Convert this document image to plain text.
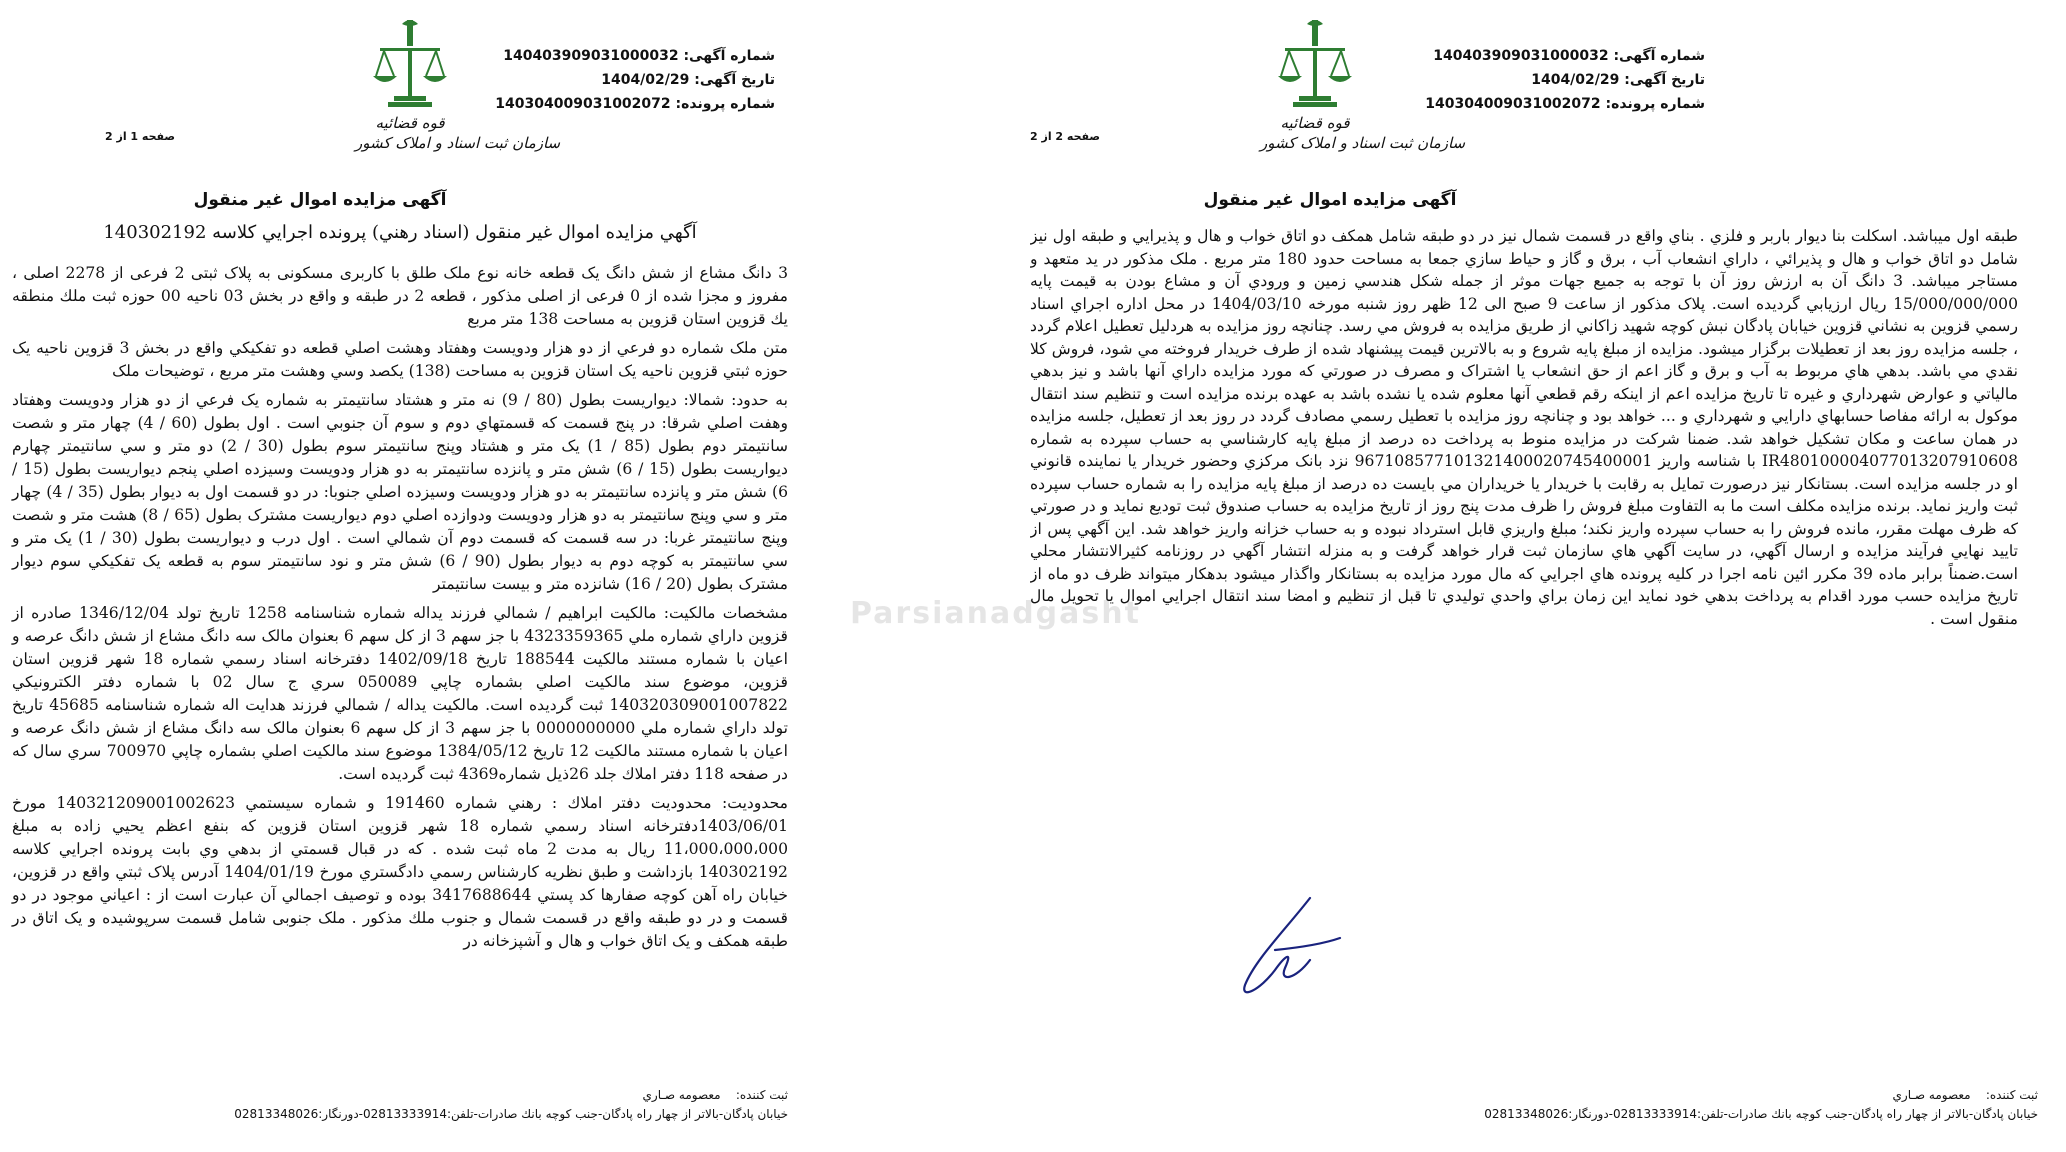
صفحه 1 از 2
قوه قضائیه
سازمان ثبت اسناد و املاک کشور
شماره آگهی: 140403909031000032
تاریخ آگهی: 1404/02/29
شماره پرونده: 140304009031002072
آگهی مزایده اموال غیر منقول
آگهي مزايده اموال غير منقول (اسناد رهني) پرونده اجرايي كلاسه 140302192

3 دانگ مشاع از شش دانگ یک قطعه خانه نوع ملک طلق با کاربری مسکونی به پلاک ثبتی 2 فرعی از 2278 اصلی ، مفروز و مجزا شده از 0 فرعی از اصلی مذکور ، قطعه 2 در طبقه و واقع در بخش 03 ناحیه 00 حوزه ثبت ملك منطقه يك قزوين استان قزوین به مساحت 138 متر مربع

متن ملک شماره دو فرعي از دو هزار ودويست وهفتاد وهشت اصلي قطعه دو تفكيكي واقع در بخش 3 قزوين ناحيه يک حوزه ثبتي قزوين ناحيه يک استان قزوين به مساحت (138) يكصد وسي وهشت متر مربع ، توضيحات ملک

به حدود: شمالا: ديواريست بطول (80 / 9) نه متر و هشتاد سانتيمتر به شماره يک فرعي از دو هزار ودويست وهفتاد وهفت اصلي شرقا: در پنج قسمت که قسمتهاي دوم و سوم آن جنوبي است . اول بطول (60 / 4) چهار متر و شصت سانتيمتر دوم بطول (85 / 1) يک متر و هشتاد وپنج سانتيمتر سوم بطول (30 / 2) دو متر و سي سانتيمتر چهارم ديواريست بطول (15 / 6) شش متر و پانزده سانتيمتر به دو هزار ودويست وسيزده اصلي پنجم ديواريست بطول (15 / 6) شش متر و پانزده سانتيمتر به دو هزار ودويست وسيزده اصلي جنوبا: در دو قسمت اول به ديوار بطول (35 / 4) چهار متر و سي وپنج سانتيمتر به دو هزار ودويست ودوازده اصلي دوم ديواريست مشترک بطول (65 / 8) هشت متر و شصت وپنج سانتيمتر غربا: در سه قسمت که قسمت دوم آن شمالي است . اول درب و ديواريست بطول (30 / 1) يک متر و سي سانتيمتر به کوچه دوم به ديوار بطول (90 / 6) شش متر و نود سانتيمتر سوم به قطعه يک تفکيکي سوم ديوار مشترک بطول (20 / 16) شانزده متر و بيست سانتيمتر

مشخصات مالکیت: مالکيت ابراهيم / شمالي فرزند يداله شماره شناسنامه 1258 تاريخ تولد 1346/12/04 صادره از قزوين داراي شماره ملي 4323359365 با جز سهم 3 از کل سهم 6 بعنوان مالک سه دانگ مشاع از شش دانگ عرصه و اعيان با شماره مستند مالکيت 188544 تاريخ 1402/09/18 دفترخانه اسناد رسمي شماره 18 شهر قزوين استان قزوين، موضوع سند مالكيت اصلي بشماره چاپي 050089 سري ج سال 02 با شماره دفتر الكترونيكي 140320309001007822 ثبت گرديده است. مالكيت يداله / شمالي فرزند هدايت اله شماره شناسنامه 45685 تاريخ تولد داراي شماره ملي 0000000000 با جز سهم 3 از کل سهم 6 بعنوان مالک سه دانگ مشاع از شش دانگ عرصه و اعيان با شماره مستند مالكيت 12 تاريخ 1384/05/12 موضوع سند مالكيت اصلي بشماره چاپي 700970 سري سال كه در صفحه 118 دفتر املاك جلد 26ذيل شماره4369 ثبت گرديده است.

محدوديت: محدوديت دفتر املاك : رهني شماره 191460 و شماره سيستمي 140321209001002623 مورخ 1403/06/01دفترخانه اسناد رسمي شماره 18 شهر قزوين استان قزوين که بنفع اعظم يحيي زاده به مبلغ 11،000،000،000 ريال به مدت 2 ماه ثبت شده . که در قبال قسمتي از بدهي وي بابت پرونده اجرايي كلاسه 140302192 بازداشت و طبق نظريه كارشناس رسمي دادگستري مورخ 1404/01/19 آدرس پلاک ثبتي واقع در قزوين، خيابان راه آهن کوچه صفارها کد پستي 3417688644 بوده و توصيف اجمالي آن عبارت است از : اعياني موجود در دو قسمت و در دو طبقه واقع در قسمت شمال و جنوب ملك مذكور . ملک جنوبی شامل قسمت سرپوشيده و يک اتاق در طبقه همكف و يک اتاق خواب و هال و آشپزخانه در

ثبت كننده:    معصومه صـاري
خيابان پادگان-بالاتر از چهار راه پادگان-جنب کوچه بانك صادرات-تلفن:02813333914-دورنگار:02813348026
صفحه 2 از 2
قوه قضائیه
سازمان ثبت اسناد و املاک کشور
شماره آگهی: 140403909031000032
تاریخ آگهی: 1404/02/29
شماره پرونده: 140304009031002072
آگهی مزایده اموال غیر منقول

طبقه اول ميباشد. اسكلت بنا ديوار باربر و فلزي . بناي واقع در قسمت شمال نيز در دو طبقه شامل همکف دو اتاق خواب و هال و پذيرايي و طبقه اول نيز شامل دو اتاق خواب و هال و پذيرائي ، داراي انشعاب آب ، برق و گاز و حياط سازي جمعا به مساحت حدود 180 متر مربع . ملک مذکور در يد متعهد و مستاجر ميباشد. 3 دانگ آن به ارزش روز آن با توجه به جميع جهات موثر از جمله شکل هندسي زمين و ورودي آن و مشاع بودن به قيمت پايه 15/000/000/000 ريال ارزيابي گرديده است. پلاک مذکور از ساعت 9 صبح الی 12 ظهر روز شنبه مورخه 1404/03/10 در محل اداره اجراي اسناد رسمي قزوين به نشاني قزوين خيابان پادگان نبش کوچه شهيد زاکاني از طريق مزايده به فروش مي رسد. چنانچه روز مزايده به هردليل تعطيل اعلام گردد ، جلسه مزايده روز بعد از تعطيلات برگزار ميشود. مزايده از مبلغ پايه شروع و به بالاترين قيمت پيشنهاد شده از طرف خريدار فروخته مي شود، فروش کلا نقدي مي باشد. بدهي هاي مربوط به آب و برق و گاز اعم از حق انشعاب يا اشتراک و مصرف در صورتي که مورد مزايده داراي آنها باشد و نيز بدهي مالياتي و عوارض شهرداري و غيره تا تاريخ مزايده اعم از اينکه رقم قطعي آنها معلوم شده يا نشده باشد به عهده برنده مزايده است و تنظيم سند انتقال موکول به ارائه مفاصا حسابهاي دارايي و شهرداري و ... خواهد بود و چنانچه روز مزايده با تعطيل رسمي مصادف گردد در روز بعد از تعطيل، جلسه مزايده در همان ساعت و مکان تشکيل خواهد شد. ضمنا شرکت در مزايده منوط به پرداخت ده درصد از مبلغ پايه کارشناسي به حساب سپرده به شماره IR480100004077013207910608 با شناسه واريز 967108577101321400020745400001 نزد بانک مرکزي وحضور خريدار يا نماينده قانوني او در جلسه مزايده است. بستانكار نيز درصورت تمايل به رقابت با خريدار يا خريداران مي بايست ده درصد از مبلغ پايه مزايده را به شماره حساب سپرده ثبت واريز نمايد. برنده مزايده مكلف است ما به التفاوت مبلغ فروش را ظرف مدت پنج روز از تاريخ مزايده به حساب صندوق ثبت توديع نمايد و در صورتي كه ظرف مهلت مقرر، مانده فروش را به حساب سپرده واريز نكند؛ مبلغ واريزي قابل استرداد نبوده و به حساب خزانه واريز خواهد شد. اين آگهي پس از تاييد نهايي فرآيند مزايده و ارسال آگهي، در سايت آگهي هاي سازمان ثبت قرار خواهد گرفت و به منزله انتشار آگهي در روزنامه كثيرالانتشار محلي است.ضمناً برابر ماده 39 مكرر ائين نامه اجرا در كليه پرونده هاي اجرايي كه مال مورد مزايده به بستانكار واگذار ميشود بدهكار ميتواند ظرف دو ماه از تاريخ مزايده حسب مورد اقدام به پرداخت بدهي خود نمايد اين زمان براي واحدي توليدي تا قبل از تنظيم و امضا سند انتقال اجرايي اموال يا تحويل مال منقول است .

ثبت كننده:    معصومه صـاري
خيابان پادگان-بالاتر از چهار راه پادگان-جنب کوچه بانك صادرات-تلفن:02813333914-دورنگار:02813348026
Parsianadgasht
